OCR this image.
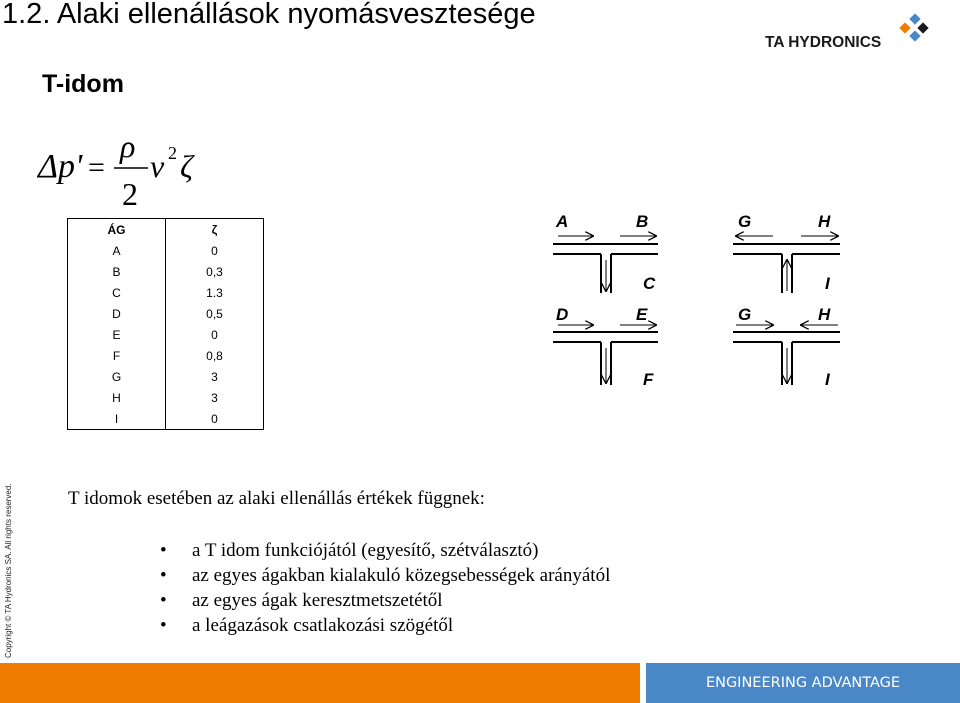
1.2. Alaki ellenállások nyomásveszteségе
TA HYDRONICS
T-idom
Δp' =
ρ
2
v 2 ζ
ÁG	ζ
A	0
B	0,3
C	1.3
D	0,5
E	0
F	0,8
G	3
H	3
I	0
A	B
C
D	E
F
G	H
I
G	H
I
Copyright © TA Hydronics SA. All rights reserved.	T idomok esetében az alaki ellenállás értékek függnek:
• a T idom funkciójától (egyesítő, szétválasztó)
• az egyes ágakban kialakuló közegsebességek arányától
• az egyes ágak keresztmetszetétől
• a leágazások csatlakozási szögétől
ENGINEERING ADVANTAGE
